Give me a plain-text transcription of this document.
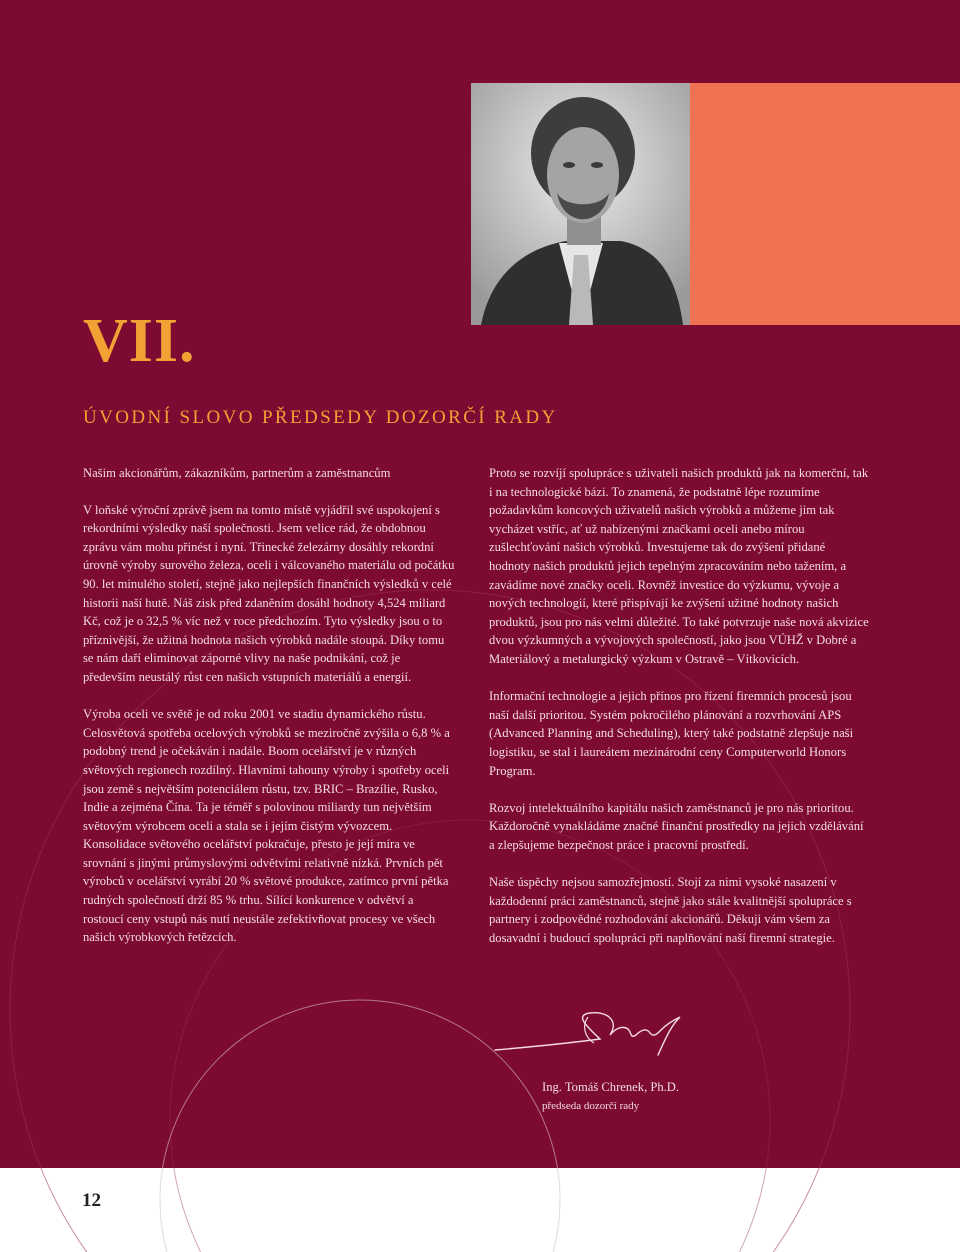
VII.
ÚVODNÍ SLOVO PŘEDSEDY DOZORČÍ RADY

Našim akcionářům, zákazníkům, partnerům a zaměstnancům

V loňské výroční zprávě jsem na tomto místě vyjádřil své uspokojení s rekordními výsledky naší společnosti. Jsem velice rád, že obdobnou zprávu vám mohu přinést i nyní. Třinecké železárny dosáhly rekordní úrovně výroby surového železa, oceli i válcovaného materiálu od počátku 90. let minulého století, stejně jako nejlepších finančních výsledků v celé historii naší hutě. Náš zisk před zdaněním dosáhl hodnoty 4,524 miliard Kč, což je o 32,5 % víc než v roce předchozím. Tyto výsledky jsou o to příznivější, že užitná hodnota našich výrobků nadále stoupá. Díky tomu se nám daří eliminovat záporné vlivy na naše podnikání, což je především neustálý růst cen našich vstupních materiálů a energií.

Výroba oceli ve světě je od roku 2001 ve stadiu dynamického růstu. Celosvětová spotřeba ocelových výrobků se meziročně zvýšila o 6,8 % a podobný trend je očekáván i nadále. Boom ocelářství je v různých světových regionech rozdílný. Hlavními tahouny výroby i spotřeby oceli jsou země s největším potenciálem růstu, tzv. BRIC – Brazílie, Rusko, Indie a zejména Čína. Ta je téměř s polovinou miliardy tun největším světovým výrobcem oceli a stala se i jejím čistým vývozcem. Konsolidace světového ocelářství pokračuje, přesto je její míra ve srovnání s jinými průmyslovými odvětvími relativně nízká. Prvních pět výrobců v ocelářství vyrábí 20 % světové produkce, zatímco první pětka rudných společností drží 85 % trhu. Sílící konkurence v odvětví a rostoucí ceny vstupů nás nutí neustále zefektivňovat procesy ve všech našich výrobkových řetězcích.

Proto se rozvíjí spolupráce s uživateli našich produktů jak na komerční, tak i na technologické bázi. To znamená, že podstatně lépe rozumíme požadavkům koncových uživatelů našich výrobků a můžeme jim tak vycházet vstříc, ať už nabízenými značkami oceli anebo mírou zušlechťování našich výrobků. Investujeme tak do zvýšení přidané hodnoty našich produktů jejich tepelným zpracováním nebo tažením, a zavádíme nové značky oceli. Rovněž investice do výzkumu, vývoje a nových technologií, které přispívají ke zvýšení užitné hodnoty našich produktů, jsou pro nás velmi důležité. To také potvrzuje naše nová akvizice dvou výzkumných a vývojových společností, jako jsou VÚHŽ v Dobré a Materiálový a metalurgický výzkum v Ostravě – Vítkovicích.

Informační technologie a jejich přínos pro řízení firemních procesů jsou naší další prioritou. Systém pokročilého plánování a rozvrhování APS (Advanced Planning and Scheduling), který také podstatně zlepšuje naši logistiku, se stal i laureátem mezinárodní ceny Computerworld Honors Program.

Rozvoj intelektuálního kapitálu našich zaměstnanců je pro nás prioritou. Každoročně vynakládáme značné finanční prostředky na jejich vzdělávání a zlepšujeme bezpečnost práce i pracovní prostředí.

Naše úspěchy nejsou samozřejmostí. Stojí za nimi vysoké nasazení v každodenní práci zaměstnanců, stejně jako stále kvalitnější spolupráce s partnery i zodpovědné rozhodování akcionářů. Děkuji vám všem za dosavadní i budoucí spolupráci při naplňování naší firemní strategie.

Ing. Tomáš Chrenek, Ph.D.

předseda dozorčí rady

12
